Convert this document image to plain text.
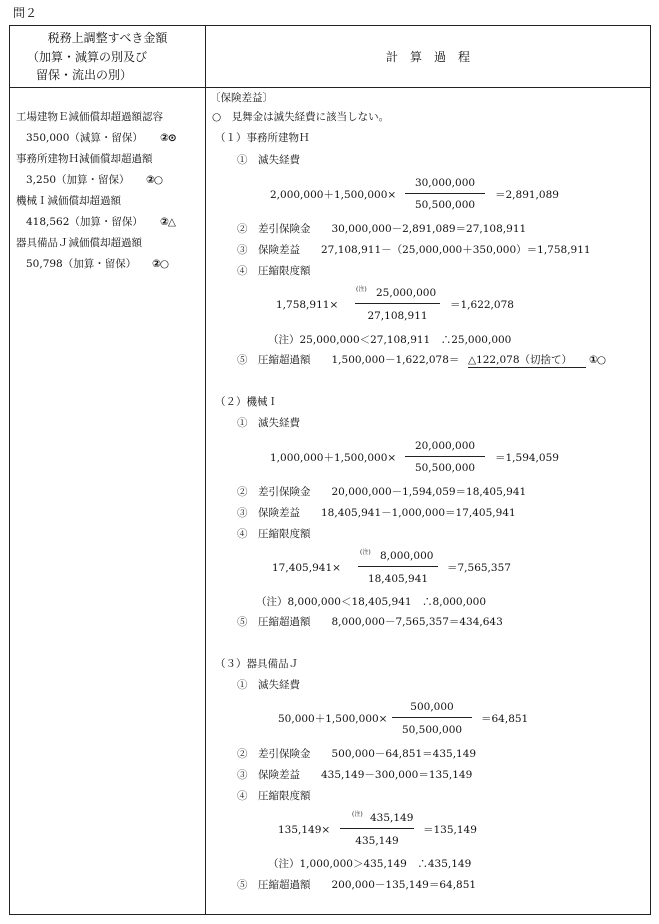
問２
税務上調整すべき金額
（加算・減算の別及び
留保・流出の別）
計　算　過　程
工場建物Ｅ減価償却超過額認容
350,000（減算・留保） ②⊙
事務所建物Ｈ減価償却超過額
3,250（加算・留保） ②○
機械Ｉ減価償却超過額
418,562（加算・留保） ②△
器具備品Ｊ減価償却超過額
50,798（加算・留保） ②○
〔保険差益〕
○　見舞金は滅失経費に該当しない。
（１）事務所建物Ｈ
①　滅失経費
2,000,000＋1,500,000×
30,000,000
50,500,000
＝2,891,089
②　差引保険金　　30,000,000－2,891,089＝27,108,911
③　保険差益　　27,108,911－（25,000,000＋350,000）＝1,758,911
④　圧縮限度額
1,758,911×
(注) 25,000,000
27,108,911
＝1,622,078
（注）25,000,000＜27,108,911　∴25,000,000
⑤　圧縮超過額　　1,500,000－1,622,078＝ △122,078（切捨て）	①○
（２）機械Ｉ
①　滅失経費
1,000,000＋1,500,000×
20,000,000
50,500,000
＝1,594,059
②　差引保険金　　20,000,000－1,594,059＝18,405,941
③　保険差益　　18,405,941－1,000,000＝17,405,941
④　圧縮限度額
17,405,941×
(注) 8,000,000
18,405,941
＝7,565,357
（注）8,000,000＜18,405,941　∴8,000,000
⑤　圧縮超過額　　8,000,000－7,565,357＝434,643
（３）器具備品Ｊ
①　滅失経費
50,000＋1,500,000×
500,000
50,500,000
＝64,851
②　差引保険金　　500,000－64,851＝435,149
③　保険差益　　435,149－300,000＝135,149
④　圧縮限度額
135,149×
(注) 435,149
435,149
＝135,149
（注）1,000,000＞435,149　∴435,149
⑤　圧縮超過額　　200,000－135,149＝64,851
